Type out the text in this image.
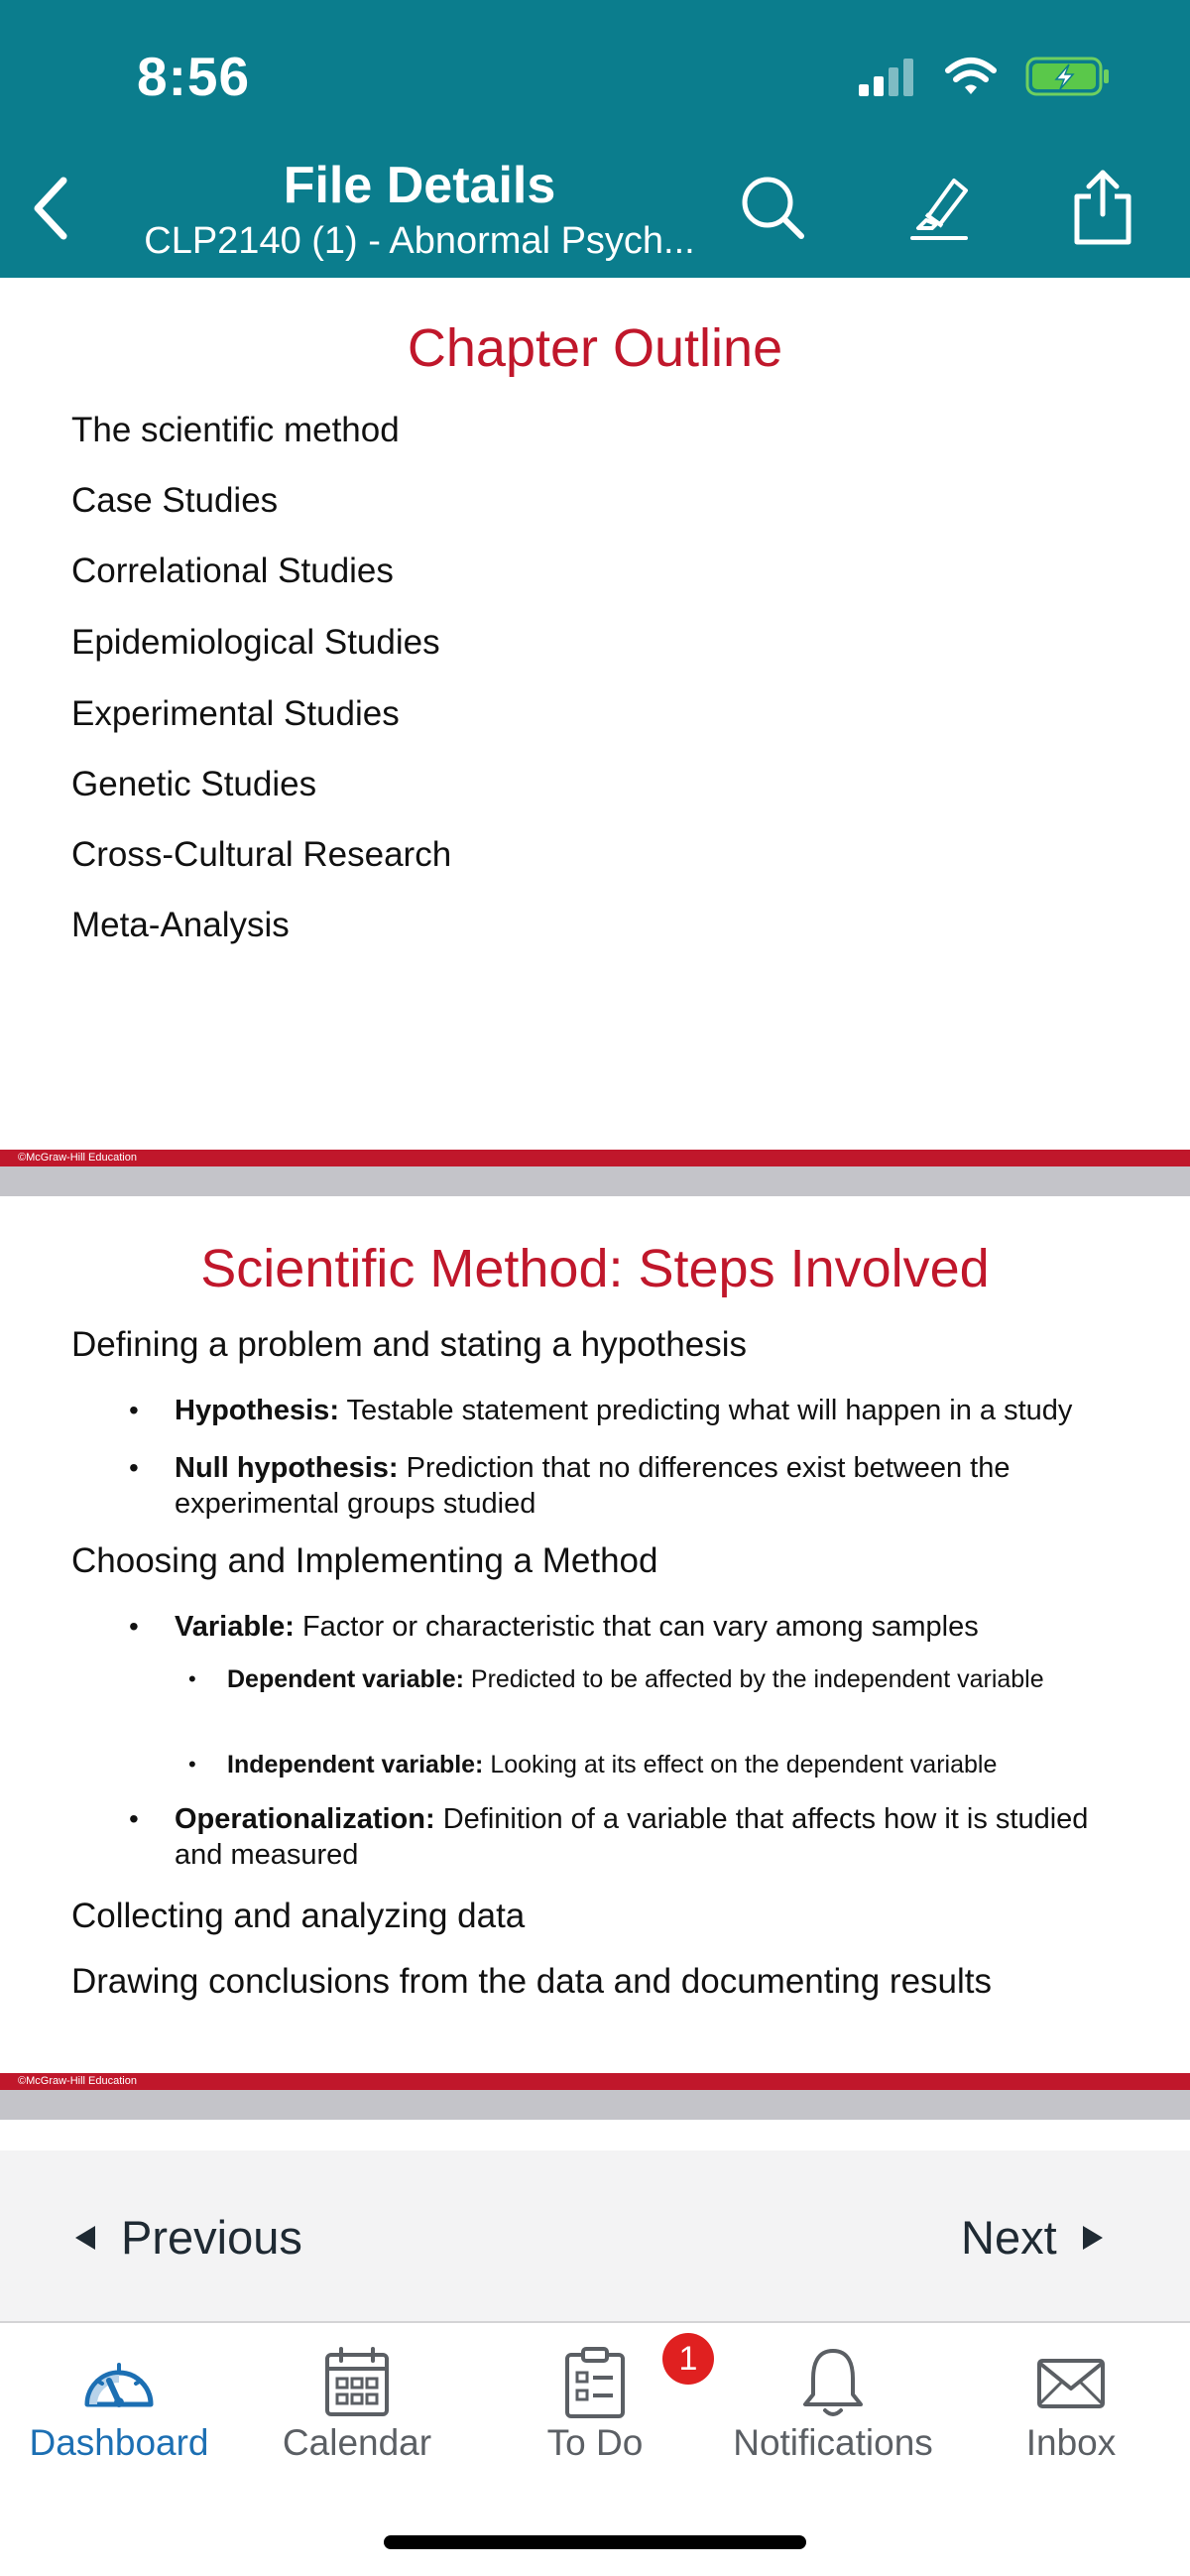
8:56
File Details
CLP2140 (1) - Abnormal Psych...
Chapter Outline
The scientific method
Case Studies
Correlational Studies
Epidemiological Studies
Experimental Studies
Genetic Studies
Cross-Cultural Research
Meta-Analysis
©McGraw-Hill Education
Scientific Method: Steps Involved
Defining a problem and stating a hypothesis
• Hypothesis: Testable statement predicting what will happen in a study
• Null hypothesis: Prediction that no differences exist between the experimental groups studied
Choosing and Implementing a Method
• Variable: Factor or characteristic that can vary among samples
• Dependent variable: Predicted to be affected by the independent variable
• Independent variable: Looking at its effect on the dependent variable
• Operationalization: Definition of a variable that affects how it is studied and measured
Collecting and analyzing data
Drawing conclusions from the data and documenting results
©McGraw-Hill Education
Previous	Next
Dashboard	Calendar
1
To Do	Notifications	Inbox
